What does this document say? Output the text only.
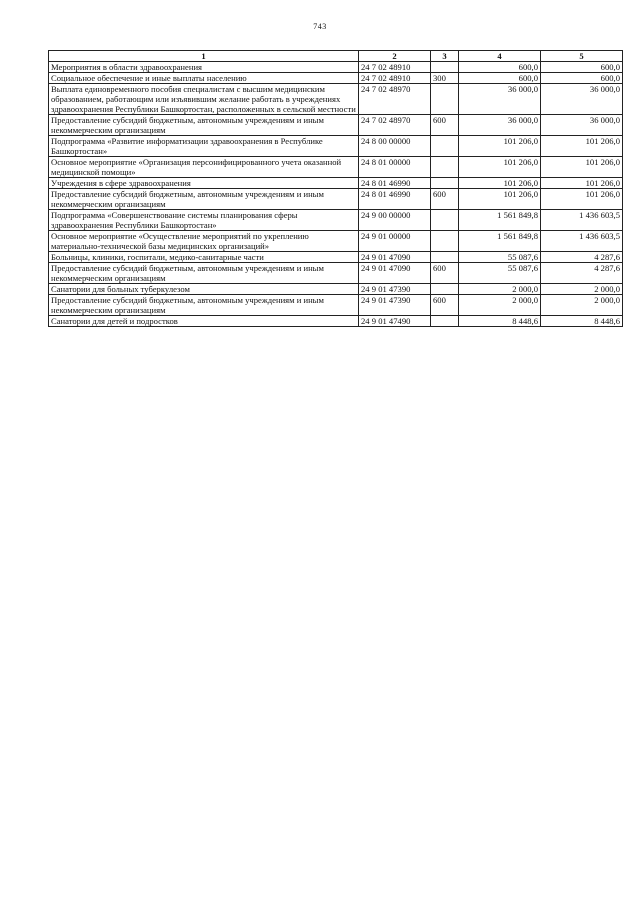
743
1	2	3	4	5
Мероприятия в области здравоохранения	24 7 02 48910		600,0	600,0
Социальное обеспечение и иные выплаты населению	24 7 02 48910	300	600,0	600,0
Выплата единовременного пособия специалистам с высшим медицинским образованием, работающим или изъявившим желание работать в учреждениях здравоохранения Республики Башкортостан, расположенных в сельской местности	24 7 02 48970		36 000,0	36 000,0
Предоставление субсидий бюджетным, автономным учреждениям и иным некоммерческим организациям	24 7 02 48970	600	36 000,0	36 000,0
Подпрограмма «Развитие информатизации здравоохранения в Республике Башкортостан»	24 8 00 00000		101 206,0	101 206,0
Основное мероприятие «Организация персонифицированного учета оказанной медицинской помощи»	24 8 01 00000		101 206,0	101 206,0
Учреждения в сфере здравоохранения	24 8 01 46990		101 206,0	101 206,0
Предоставление субсидий бюджетным, автономным учреждениям и иным некоммерческим организациям	24 8 01 46990	600	101 206,0	101 206,0
Подпрограмма «Совершенствование системы планирования сферы здравоохранения Республики Башкортостан»	24 9 00 00000		1 561 849,8	1 436 603,5
Основное мероприятие «Осуществление мероприятий по укреплению материально-технической базы медицинских организаций»	24 9 01 00000		1 561 849,8	1 436 603,5
Больницы, клиники, госпитали, медико-санитарные части	24 9 01 47090		55 087,6	4 287,6
Предоставление субсидий бюджетным, автономным учреждениям и иным некоммерческим организациям	24 9 01 47090	600	55 087,6	4 287,6
Санатории для больных туберкулезом	24 9 01 47390		2 000,0	2 000,0
Предоставление субсидий бюджетным, автономным учреждениям и иным некоммерческим организациям	24 9 01 47390	600	2 000,0	2 000,0
Санатории для детей и подростков	24 9 01 47490		8 448,6	8 448,6
